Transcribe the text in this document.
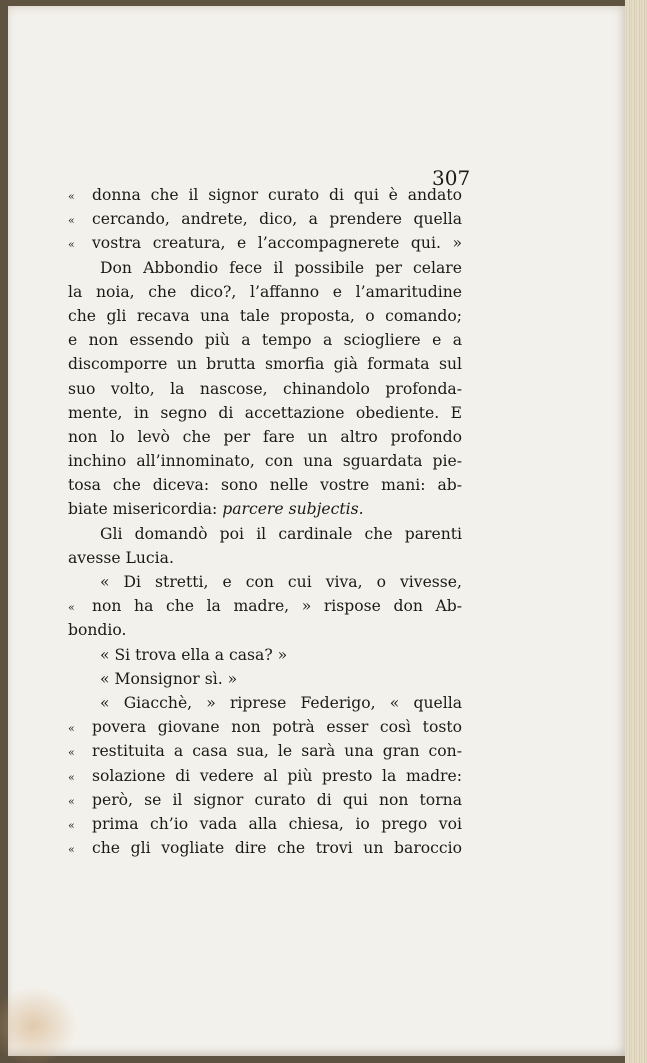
307
«	donna che il signor curato di qui è andato
«	cercando, andrete, dico, a prendere quella
«	vostra creatura, e l’accompagnerete qui. »
Don Abbondio fece il possibile per celare
la noia, che dico?, l’affanno e l’amaritudine
che gli recava una tale proposta, o comando;
e non essendo più a tempo a sciogliere e a
discomporre un brutta smorfia già formata sul
suo volto, la nascose, chinandolo profonda-
mente, in segno di accettazione obediente. E
non lo levò che per fare un altro profondo
inchino all’innominato, con una sguardata pie-
tosa che diceva: sono nelle vostre mani: ab-
biate misericordia: parcere subjectis.
Gli domandò poi il cardinale che parenti
avesse Lucia.
« Di stretti, e con cui viva, o vivesse,
«	non ha che la madre, » rispose don Ab-
bondio.
« Si trova ella a casa? »
« Monsignor sì. »
« Giacchè, » riprese Federigo, « quella
«	povera giovane non potrà esser così tosto
«	restituita a casa sua, le sarà una gran con-
«	solazione di vedere al più presto la madre:
«	però, se il signor curato di qui non torna
«	prima ch’io vada alla chiesa, io prego voi
«	che gli vogliate dire che trovi un baroccio
